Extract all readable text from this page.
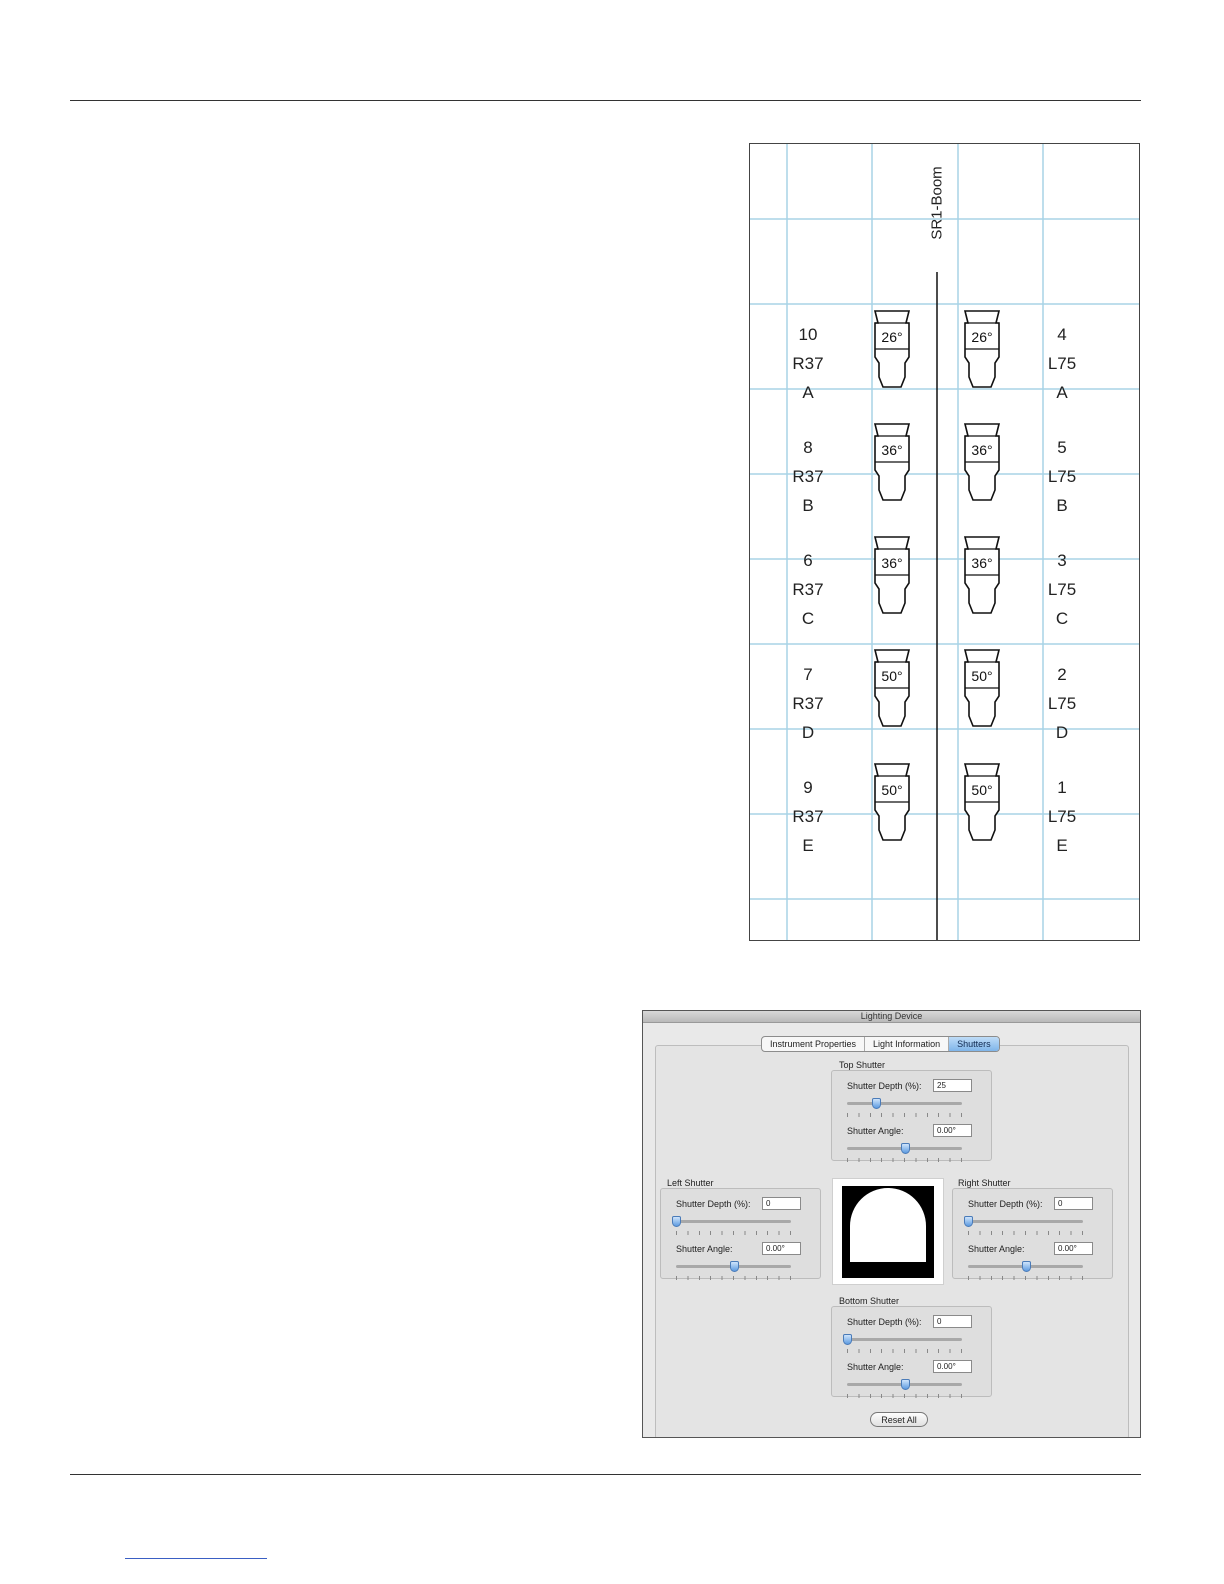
26°
36°
36°
50°
50°
26°
36°
36°
50°
50°
SR1-Boom
10
R37
A
8
R37
B
6
R37
C
7
R37
D
9
R37
E
4
L75
A
5
L75
B
3
L75
C
2
L75
D
1
L75
E
Lighting Device
Instrument Properties	Light Information	Shutters
Top Shutter
Shutter Depth (%):
25
Shutter Angle:
0.00°
Left Shutter
Shutter Depth (%):
0
Shutter Angle:
0.00°
Right Shutter
Shutter Depth (%):
0
Shutter Angle:
0.00°
Bottom Shutter
Shutter Depth (%):
0
Shutter Angle:
0.00°
Reset All
